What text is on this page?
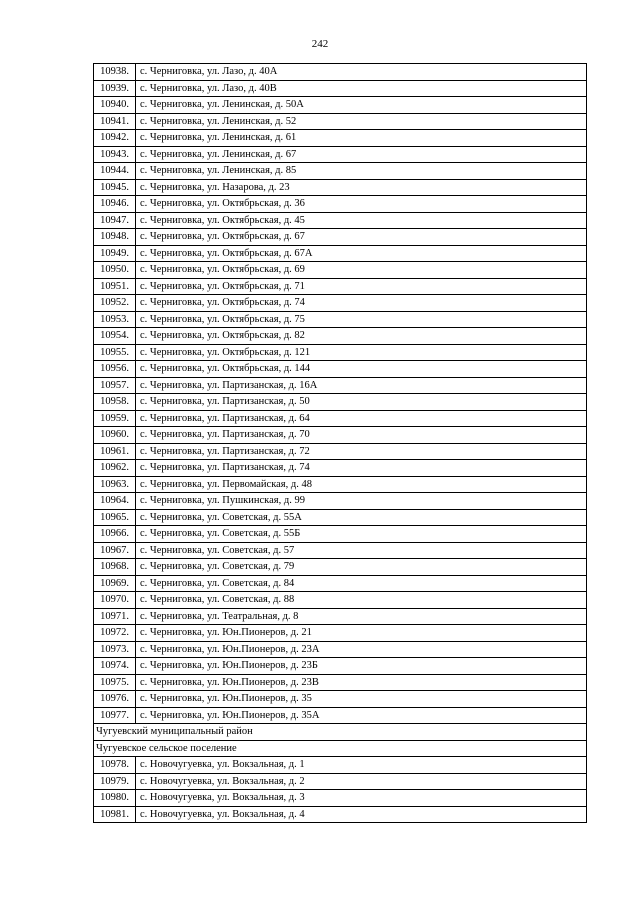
242
10938.	с. Черниговка, ул. Лазо, д. 40А
10939.	с. Черниговка, ул. Лазо, д. 40В
10940.	с. Черниговка, ул. Ленинская, д. 50А
10941.	с. Черниговка, ул. Ленинская, д. 52
10942.	с. Черниговка, ул. Ленинская, д. 61
10943.	с. Черниговка, ул. Ленинская, д. 67
10944.	с. Черниговка, ул. Ленинская, д. 85
10945.	с. Черниговка, ул. Назарова, д. 23
10946.	с. Черниговка, ул. Октябрьская, д. 36
10947.	с. Черниговка, ул. Октябрьская, д. 45
10948.	с. Черниговка, ул. Октябрьская, д. 67
10949.	с. Черниговка, ул. Октябрьская, д. 67А
10950.	с. Черниговка, ул. Октябрьская, д. 69
10951.	с. Черниговка, ул. Октябрьская, д. 71
10952.	с. Черниговка, ул. Октябрьская, д. 74
10953.	с. Черниговка, ул. Октябрьская, д. 75
10954.	с. Черниговка, ул. Октябрьская, д. 82
10955.	с. Черниговка, ул. Октябрьская, д. 121
10956.	с. Черниговка, ул. Октябрьская, д. 144
10957.	с. Черниговка, ул. Партизанская, д. 16А
10958.	с. Черниговка, ул. Партизанская, д. 50
10959.	с. Черниговка, ул. Партизанская, д. 64
10960.	с. Черниговка, ул. Партизанская, д. 70
10961.	с. Черниговка, ул. Партизанская, д. 72
10962.	с. Черниговка, ул. Партизанская, д. 74
10963.	с. Черниговка, ул. Первомайская, д. 48
10964.	с. Черниговка, ул. Пушкинская, д. 99
10965.	с. Черниговка, ул. Советская, д. 55А
10966.	с. Черниговка, ул. Советская, д. 55Б
10967.	с. Черниговка, ул. Советская, д. 57
10968.	с. Черниговка, ул. Советская, д. 79
10969.	с. Черниговка, ул. Советская, д. 84
10970.	с. Черниговка, ул. Советская, д. 88
10971.	с. Черниговка, ул. Театральная, д. 8
10972.	с. Черниговка, ул. Юн.Пионеров, д. 21
10973.	с. Черниговка, ул. Юн.Пионеров, д. 23А
10974.	с. Черниговка, ул. Юн.Пионеров, д. 23Б
10975.	с. Черниговка, ул. Юн.Пионеров, д. 23В
10976.	с. Черниговка, ул. Юн.Пионеров, д. 35
10977.	с. Черниговка, ул. Юн.Пионеров, д. 35А
Чугуевский муниципальный район	
Чугуевское сельское поселение	
10978.	с. Новочугуевка, ул. Вокзальная, д. 1
10979.	с. Новочугуевка, ул. Вокзальная, д. 2
10980.	с. Новочугуевка, ул. Вокзальная, д. 3
10981.	с. Новочугуевка, ул. Вокзальная, д. 4
